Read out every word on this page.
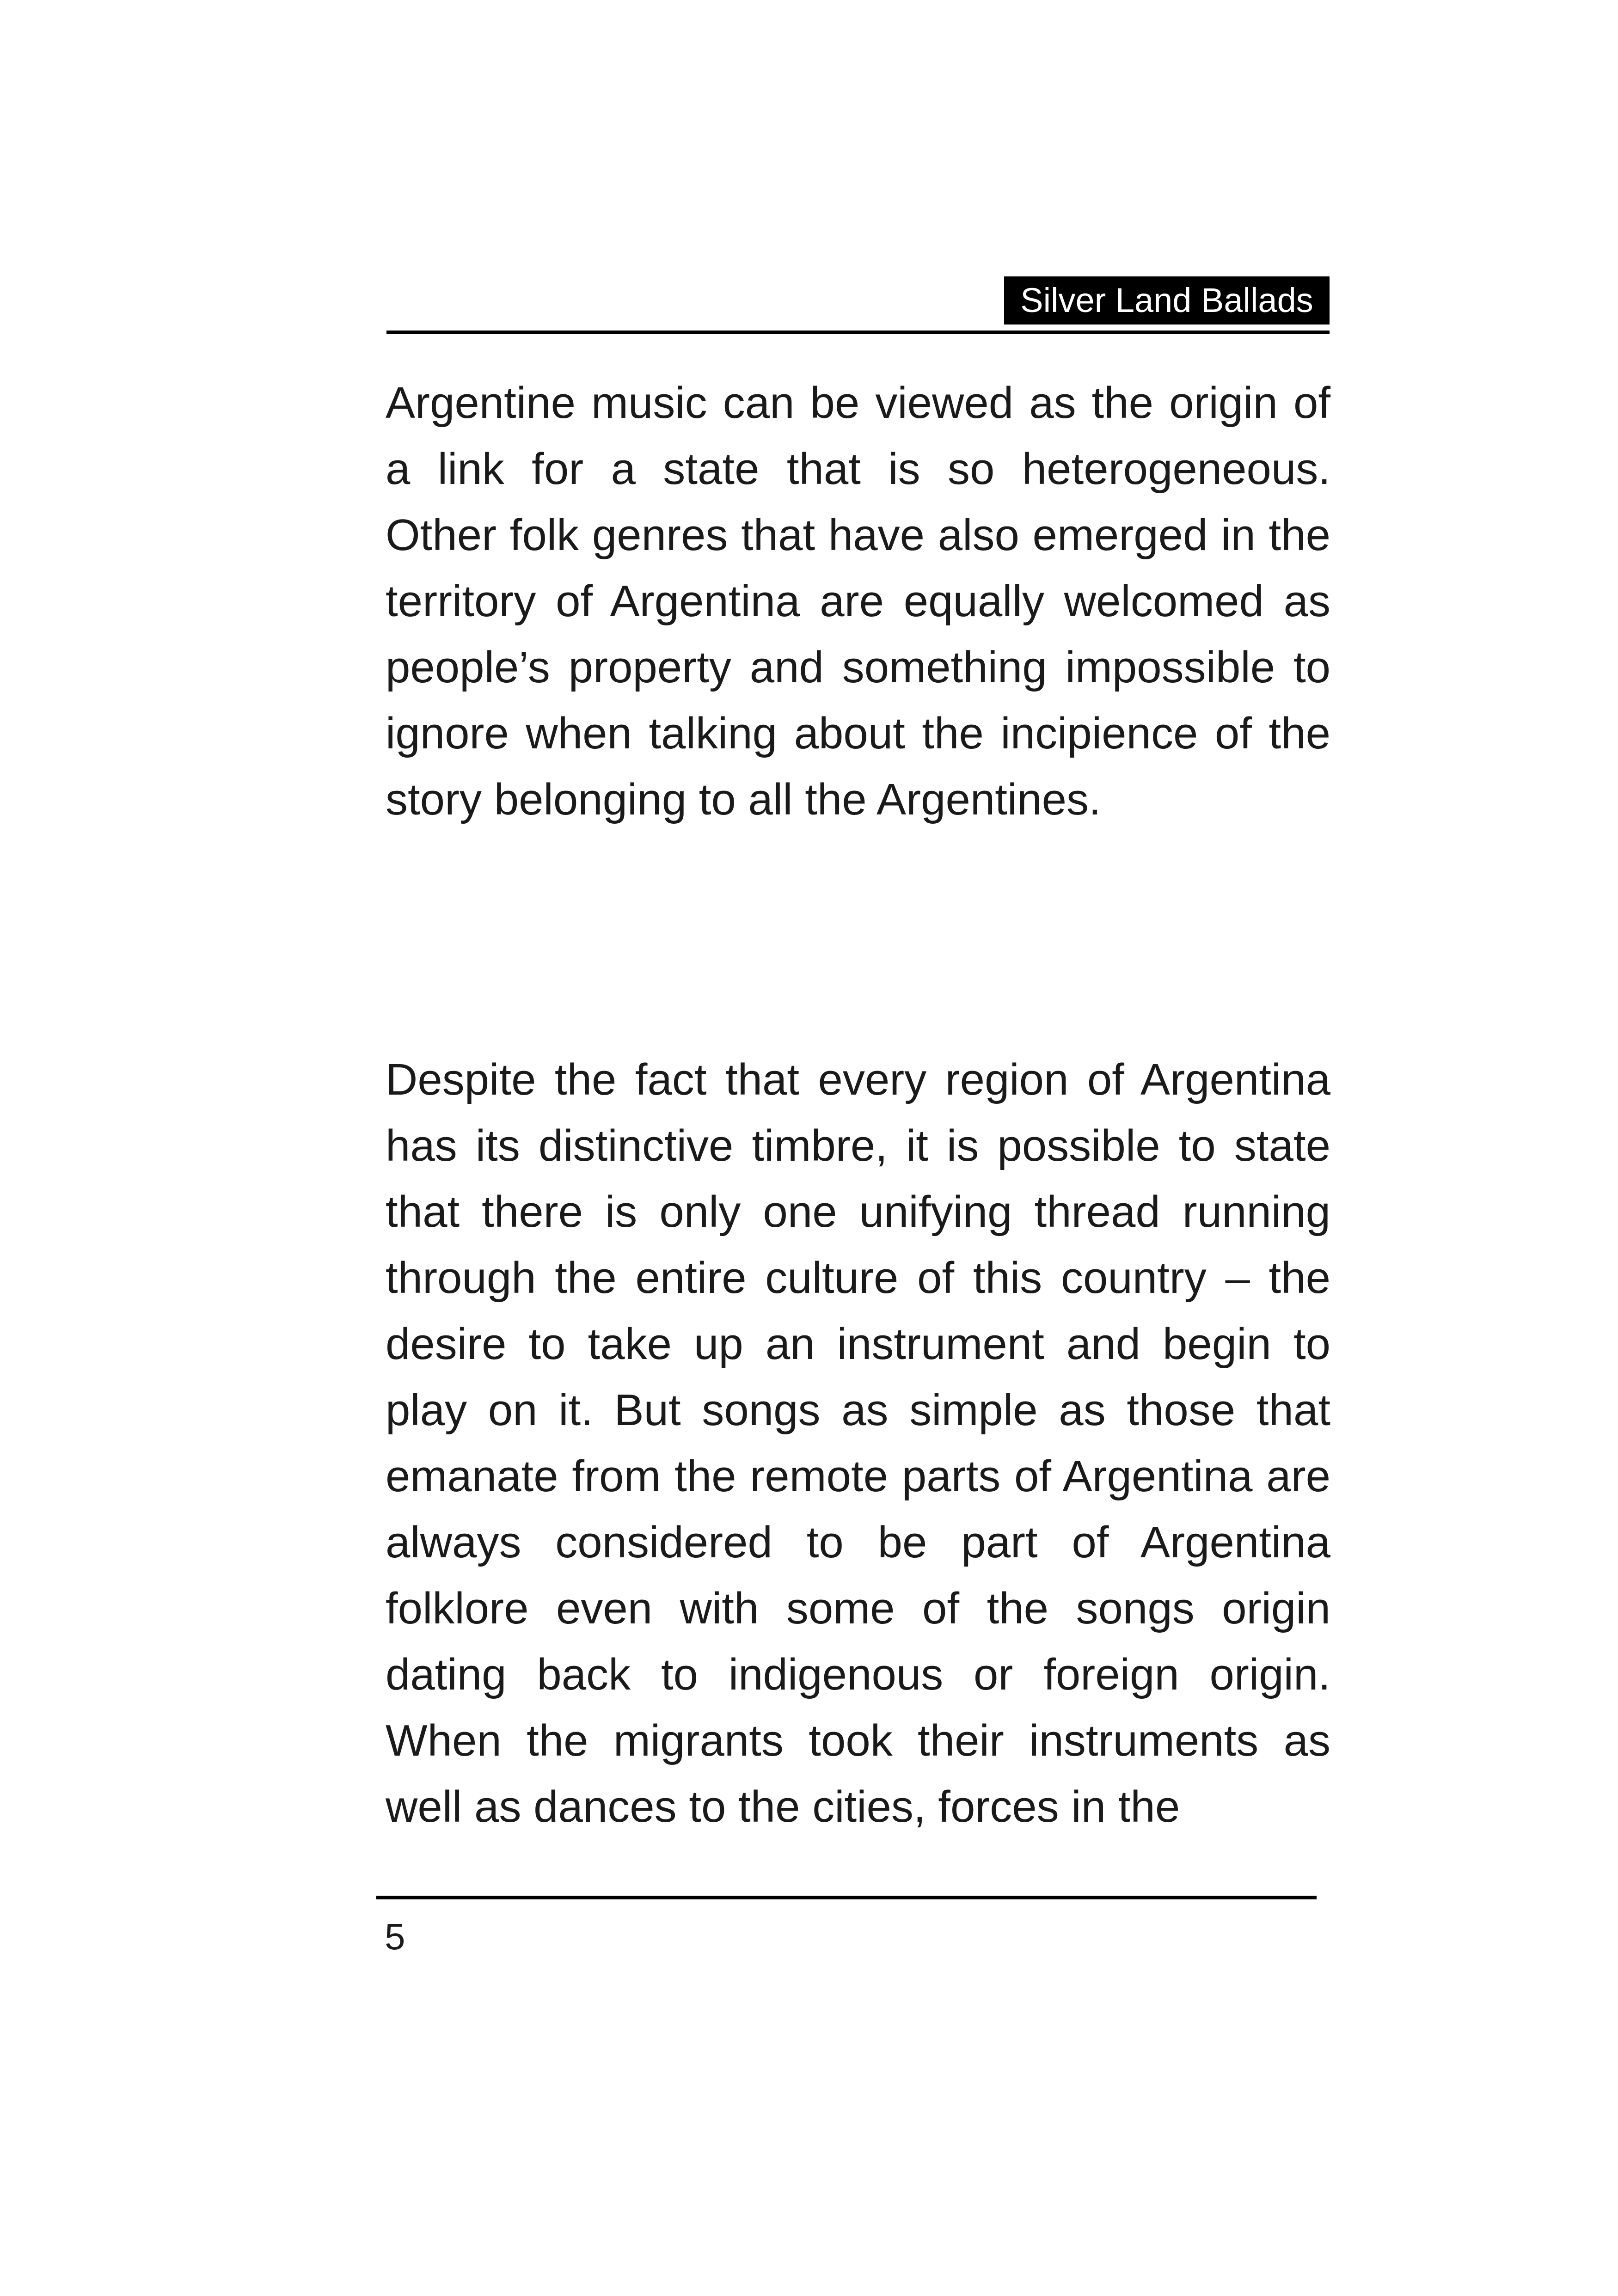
Silver Land Ballads

Argentine music can be viewed as the origin of a link for a state that is so heterogeneous. Other folk genres that have also emerged in the territory of Argentina are equally welcomed as people’s property and something impossible to ignore when talking about the incipience of the story belonging to all the Argentines.

Despite the fact that every region of Argentina has its distinctive timbre, it is possible to state that there is only one unifying thread running through the entire culture of this country – the desire to take up an instrument and begin to play on it. But songs as simple as those that emanate from the remote parts of Argentina are always considered to be part of Argentina folklore even with some of the songs origin dating back to indigenous or foreign origin. When the migrants took their instruments as well as dances to the cities, forces in the

5
